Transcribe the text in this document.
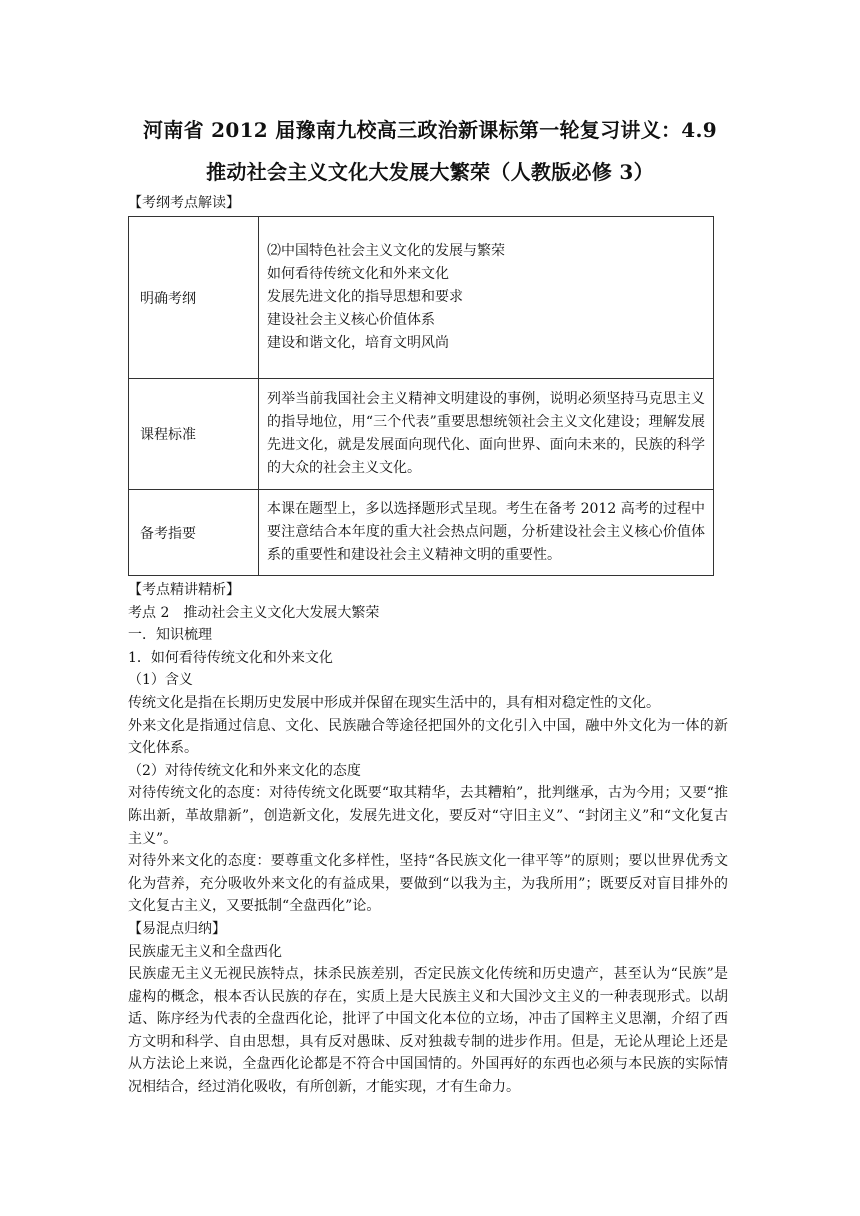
河南省 2012 届豫南九校高三政治新课标第一轮复习讲义：4.9
推动社会主义文化大发展大繁荣（人教版必修 3）
【考纲考点解读】
明确考纲	⑵中国特色社会主义文化的发展与繁荣
如何看待传统文化和外来文化
发展先进文化的指导思想和要求
建设社会主义核心价值体系
建设和谐文化，培育文明风尚

课程标准	列举当前我国社会主义精神文明建设的事例，说明必须坚持马克思主义的指导地位，用“三个代表”重要思想统领社会主义文化建设；理解发展先进文化，就是发展面向现代化、面向世界、面向未来的，民族的科学的大众的社会主义文化。

备考指要	本课在题型上，多以选择题形式呈现。考生在备考 2012 高考的过程中要注意结合本年度的重大社会热点问题，分析建设社会主义核心价值体系的重要性和建设社会主义精神文明的重要性。

【考点精讲精析】

考点 2　推动社会主义文化大发展大繁荣

一．知识梳理

1．如何看待传统文化和外来文化

（1）含义

传统文化是指在长期历史发展中形成并保留在现实生活中的，具有相对稳定性的文化。

外来文化是指通过信息、文化、民族融合等途径把国外的文化引入中国，融中外文化为一体的新文化体系。

（2）对待传统文化和外来文化的态度

对待传统文化的态度：对待传统文化既要“取其精华，去其糟粕”，批判继承，古为今用；又要“推陈出新，革故鼎新”，创造新文化，发展先进文化，要反对“守旧主义”、“封闭主义”和“文化复古主义”。

对待外来文化的态度：要尊重文化多样性，坚持“各民族文化一律平等”的原则；要以世界优秀文化为营养，充分吸收外来文化的有益成果，要做到“以我为主，为我所用”；既要反对盲目排外的文化复古主义，又要抵制“全盘西化”论。

【易混点归纳】

民族虚无主义和全盘西化

民族虚无主义无视民族特点，抹杀民族差别，否定民族文化传统和历史遗产，甚至认为“民族”是虚构的概念，根本否认民族的存在，实质上是大民族主义和大国沙文主义的一种表现形式。以胡适、陈序经为代表的全盘西化论，批评了中国文化本位的立场，冲击了国粹主义思潮，介绍了西方文明和科学、自由思想，具有反对愚昧、反对独裁专制的进步作用。但是，无论从理论上还是从方法论上来说，全盘西化论都是不符合中国国情的。外国再好的东西也必须与本民族的实际情况相结合，经过消化吸收，有所创新，才能实现，才有生命力。
